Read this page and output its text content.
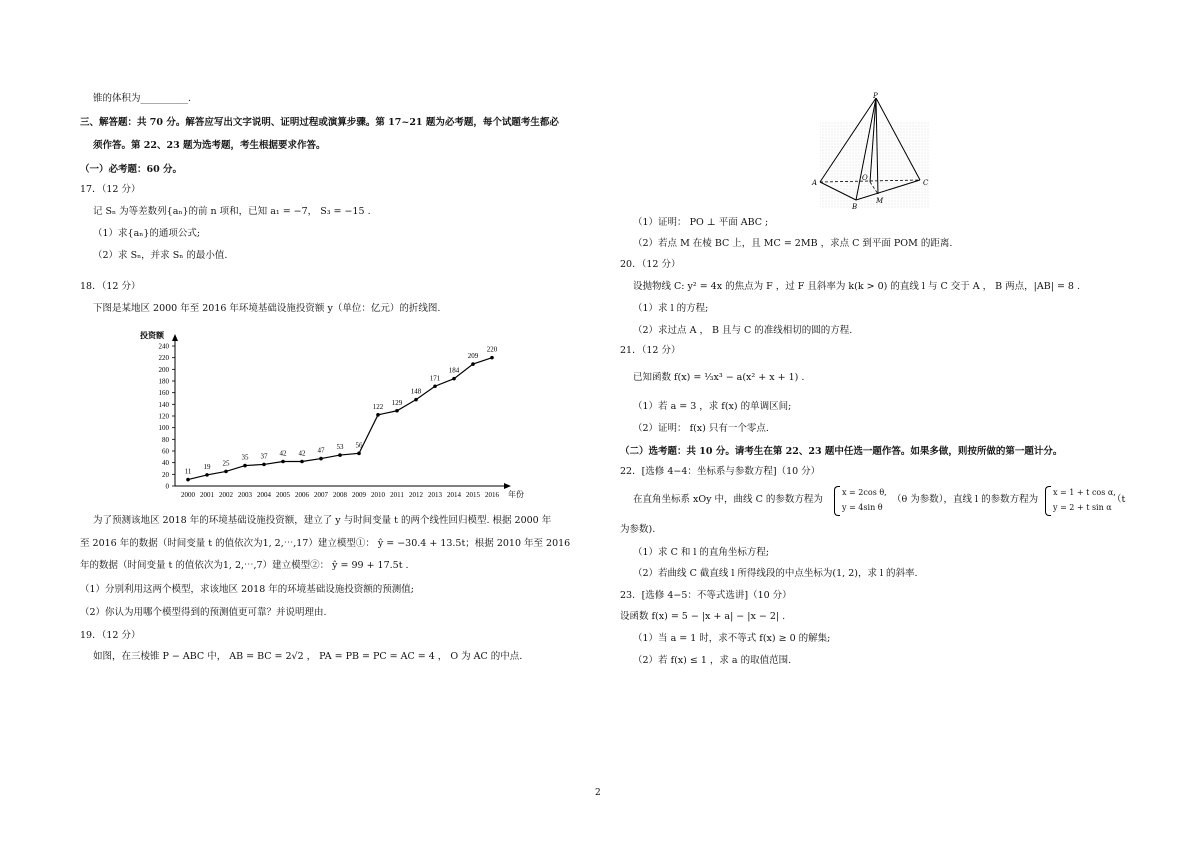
锥的体积为__________.
三、解答题：共 70 分。解答应写出文字说明、证明过程或演算步骤。第 17~21 题为必考题，每个试题考生都必
须作答。第 22、23 题为选考题，考生根据要求作答。
（一）必考题：60 分。
17．（12 分）
记 Sₙ 为等差数列{aₙ}的前 n 项和，已知 a₁ = −7， S₃ = −15 .
（1）求{aₙ}的通项公式;
（2）求 Sₙ，并求 Sₙ 的最小值.
18．（12 分）
下图是某地区 2000 年至 2016 年环境基础设施投资额 y（单位：亿元）的折线图.
投资额
年份
0
20
40
60
80
100
120
140
160
180
200
220
240
2000 2001 2002 2003 2004 2005 2006 2007 2008 2009 2010 2011 2012 2013 2014 2015 2016
11
19 25
35 37 42 42 47 53 56
122
129
148
171
184
209
220
为了预测该地区 2018 年的环境基础设施投资额，建立了 y 与时间变量 t 的两个线性回归模型. 根据 2000 年
至 2016 年的数据（时间变量 t 的值依次为1, 2,⋯,17）建立模型①： ŷ = −30.4 + 13.5t；根据 2010 年至 2016
年的数据（时间变量 t 的值依次为1, 2,⋯,7）建立模型②： ŷ = 99 + 17.5t .
（1）分别利用这两个模型，求该地区 2018 年的环境基础设施投资额的预测值;
（2）你认为用哪个模型得到的预测值更可靠？并说明理由.
19．（12 分）
如图，在三棱锥 P − ABC 中， AB = BC = 2√2 ， PA = PB = PC = AC = 4 ， O 为 AC 的中点.
P
A
O
C
B
M
（1）证明： PO ⊥ 平面 ABC ;
（2）若点 M 在棱 BC 上，且 MC = 2MB ，求点 C 到平面 POM 的距离.
20．（12 分）
设抛物线 C: y² = 4x 的焦点为 F ，过 F 且斜率为 k(k > 0) 的直线 l 与 C 交于 A ， B 两点，|AB| = 8 .
（1）求 l 的方程;
（2）求过点 A ， B 且与 C 的准线相切的圆的方程.
21．（12 分）
已知函数 f(x) = ⅓x³ − a(x² + x + 1) .
（1）若 a = 3 ，求 f(x) 的单调区间;
（2）证明： f(x) 只有一个零点.
（二）选考题：共 10 分。请考生在第 22、23 题中任选一题作答。如果多做，则按所做的第一题计分。
22．[选修 4−4：坐标系与参数方程]（10 分）
在直角坐标系 xOy 中，曲线 C 的参数方程为
x = 2cos θ,
y = 4sin θ
（θ 为参数），直线 l 的参数方程为
x = 1 + t cos α,
y = 2 + t sin α
（t
为参数).
（1）求 C 和 l 的直角坐标方程;
（2）若曲线 C 截直线 l 所得线段的中点坐标为(1, 2)，求 l 的斜率.
23．[选修 4−5：不等式选讲]（10 分）
设函数 f(x) = 5 − |x + a| − |x − 2| .
（1）当 a = 1 时，求不等式 f(x) ≥ 0 的解集;
（2）若 f(x) ≤ 1 ，求 a 的取值范围.
2
